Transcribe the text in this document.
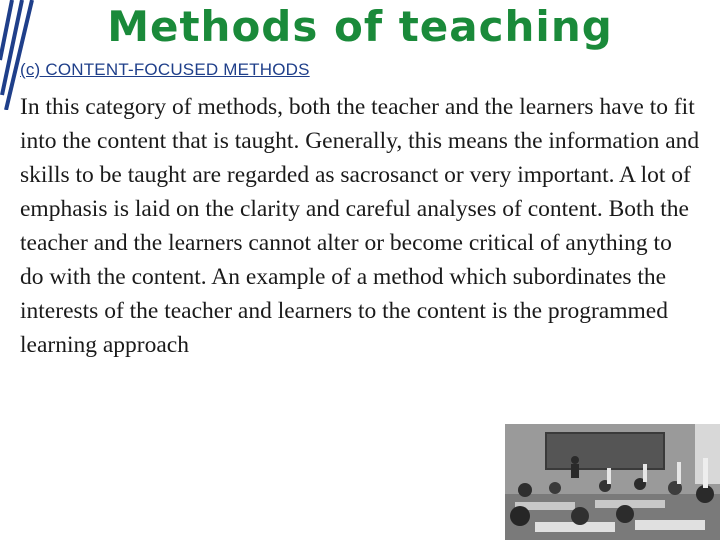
Methods of teaching
(c) CONTENT-FOCUSED METHODS

In this category of methods, both the teacher and the learners have to fit into the content that is taught. Generally, this means the information and skills to be taught are regarded as sacrosanct or very important. A lot of emphasis is laid on the clarity and careful analyses of content. Both the teacher and the learners cannot alter or become critical of anything to do with the content. An example of a method which subordinates the interests of the teacher and learners to the content is the programmed learning approach
